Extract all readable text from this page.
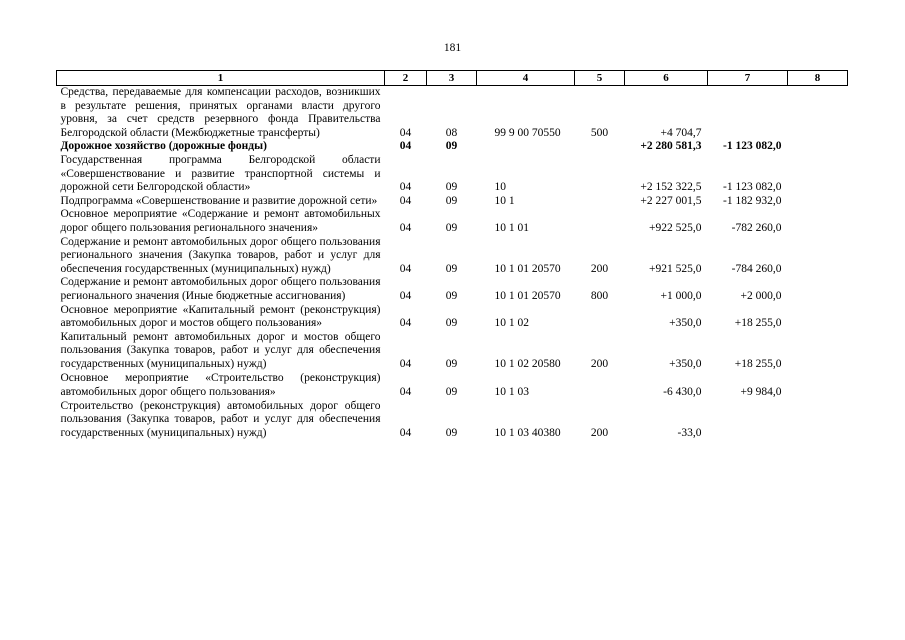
181
1	2	3	4	5	6	7	8
Средства, передаваемые для компенсации расходов, возникших в результате решения, принятых органами власти другого уровня, за счет средств резервного фонда Правительства Белгородской области (Межбюджетные трансферты)	04	08	99 9 00 70550	500	+4 704,7		
Дорожное хозяйство (дорожные фонды)	04	09			+2 280 581,3	-1 123 082,0	
Государственная программа Белгородской области «Совершенствование и развитие транспортной системы и дорожной сети Белгородской области»	04	09	10		+2 152 322,5	-1 123 082,0	
Подпрограмма «Совершенствование и развитие дорожной сети»	04	09	10 1		+2 227 001,5	-1 182 932,0	
Основное мероприятие «Содержание и ремонт автомобильных дорог общего пользования регионального значения»	04	09	10 1 01		+922 525,0	-782 260,0	
Содержание и ремонт автомобильных дорог общего пользования регионального значения (Закупка товаров, работ и услуг для обеспечения государственных (муниципальных) нужд)	04	09	10 1 01 20570	200	+921 525,0	-784 260,0	
Содержание и ремонт автомобильных дорог общего пользования регионального значения (Иные бюджетные ассигнования)	04	09	10 1 01 20570	800	+1 000,0	+2 000,0	
Основное мероприятие «Капитальный ремонт (реконструкция) автомобильных дорог и мостов общего пользования»	04	09	10 1 02		+350,0	+18 255,0	
Капитальный ремонт автомобильных дорог и мостов общего пользования (Закупка товаров, работ и услуг для обеспечения государственных (муниципальных) нужд)	04	09	10 1 02 20580	200	+350,0	+18 255,0	
Основное мероприятие «Строительство (реконструкция) автомобильных дорог общего пользования»	04	09	10 1 03		-6 430,0	+9 984,0	
Строительство (реконструкция) автомобильных дорог общего пользования (Закупка товаров, работ и услуг для обеспечения государственных (муниципальных) нужд)	04	09	10 1 03 40380	200	-33,0		
